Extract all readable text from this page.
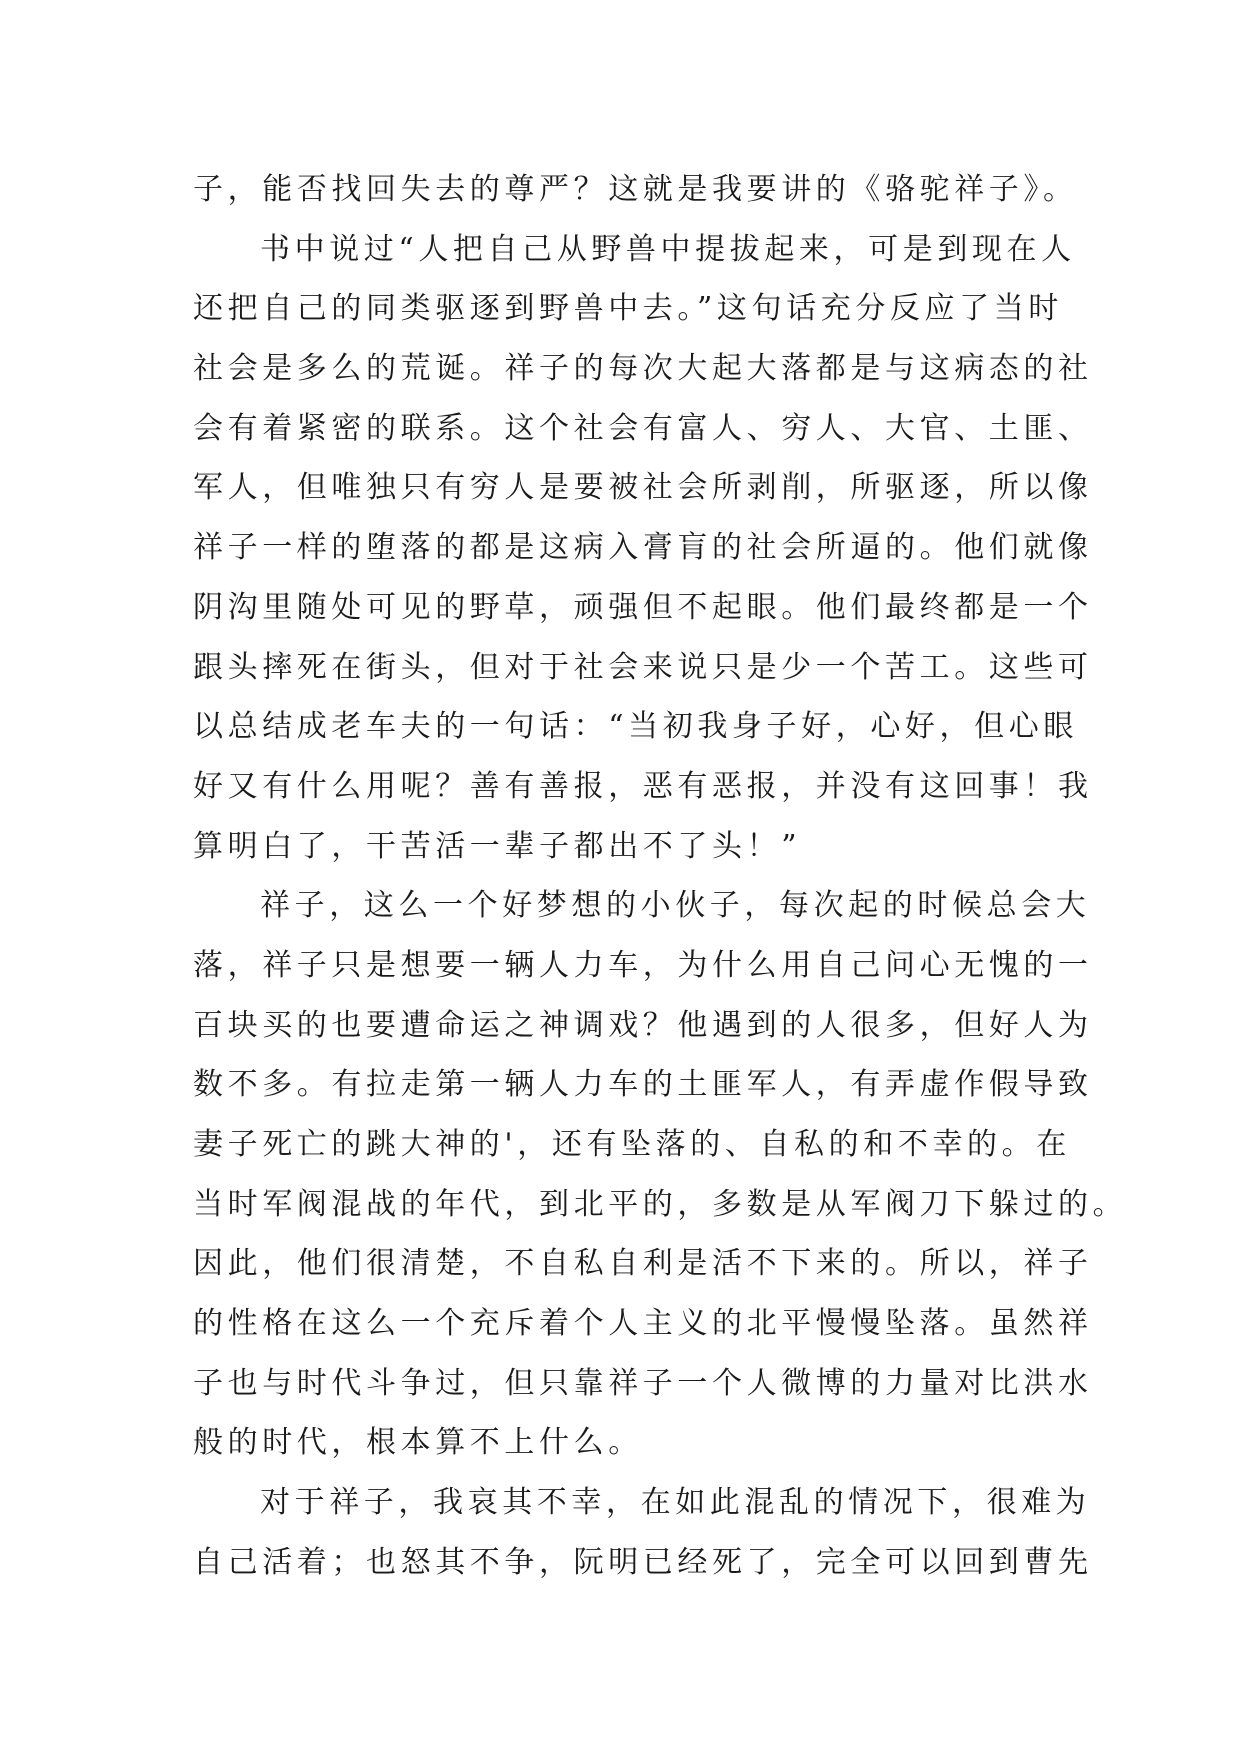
子，能否找回失去的尊严？这就是我要讲的《骆驼祥子》。
书中说过“人把自己从野兽中提拔起来，可是到现在人
还把自己的同类驱逐到野兽中去。”这句话充分反应了当时
社会是多么的荒诞。祥子的每次大起大落都是与这病态的社
会有着紧密的联系。这个社会有富人、穷人、大官、土匪、
军人，但唯独只有穷人是要被社会所剥削，所驱逐，所以像
祥子一样的堕落的都是这病入膏肓的社会所逼的。他们就像
阴沟里随处可见的野草，顽强但不起眼。他们最终都是一个
跟头摔死在街头，但对于社会来说只是少一个苦工。这些可
以总结成老车夫的一句话：“当初我身子好，心好，但心眼
好又有什么用呢？善有善报，恶有恶报，并没有这回事！我
算明白了，干苦活一辈子都出不了头！”
祥子，这么一个好梦想的小伙子，每次起的时候总会大
落，祥子只是想要一辆人力车，为什么用自己问心无愧的一
百块买的也要遭命运之神调戏？他遇到的人很多，但好人为
数不多。有拉走第一辆人力车的土匪军人，有弄虚作假导致
妻子死亡的跳大神的'，还有坠落的、自私的和不幸的。在
当时军阀混战的年代，到北平的，多数是从军阀刀下躲过的。
因此，他们很清楚，不自私自利是活不下来的。所以，祥子
的性格在这么一个充斥着个人主义的北平慢慢坠落。虽然祥
子也与时代斗争过，但只靠祥子一个人微博的力量对比洪水
般的时代，根本算不上什么。
对于祥子，我哀其不幸，在如此混乱的情况下，很难为
自己活着；也怒其不争，阮明已经死了，完全可以回到曹先
